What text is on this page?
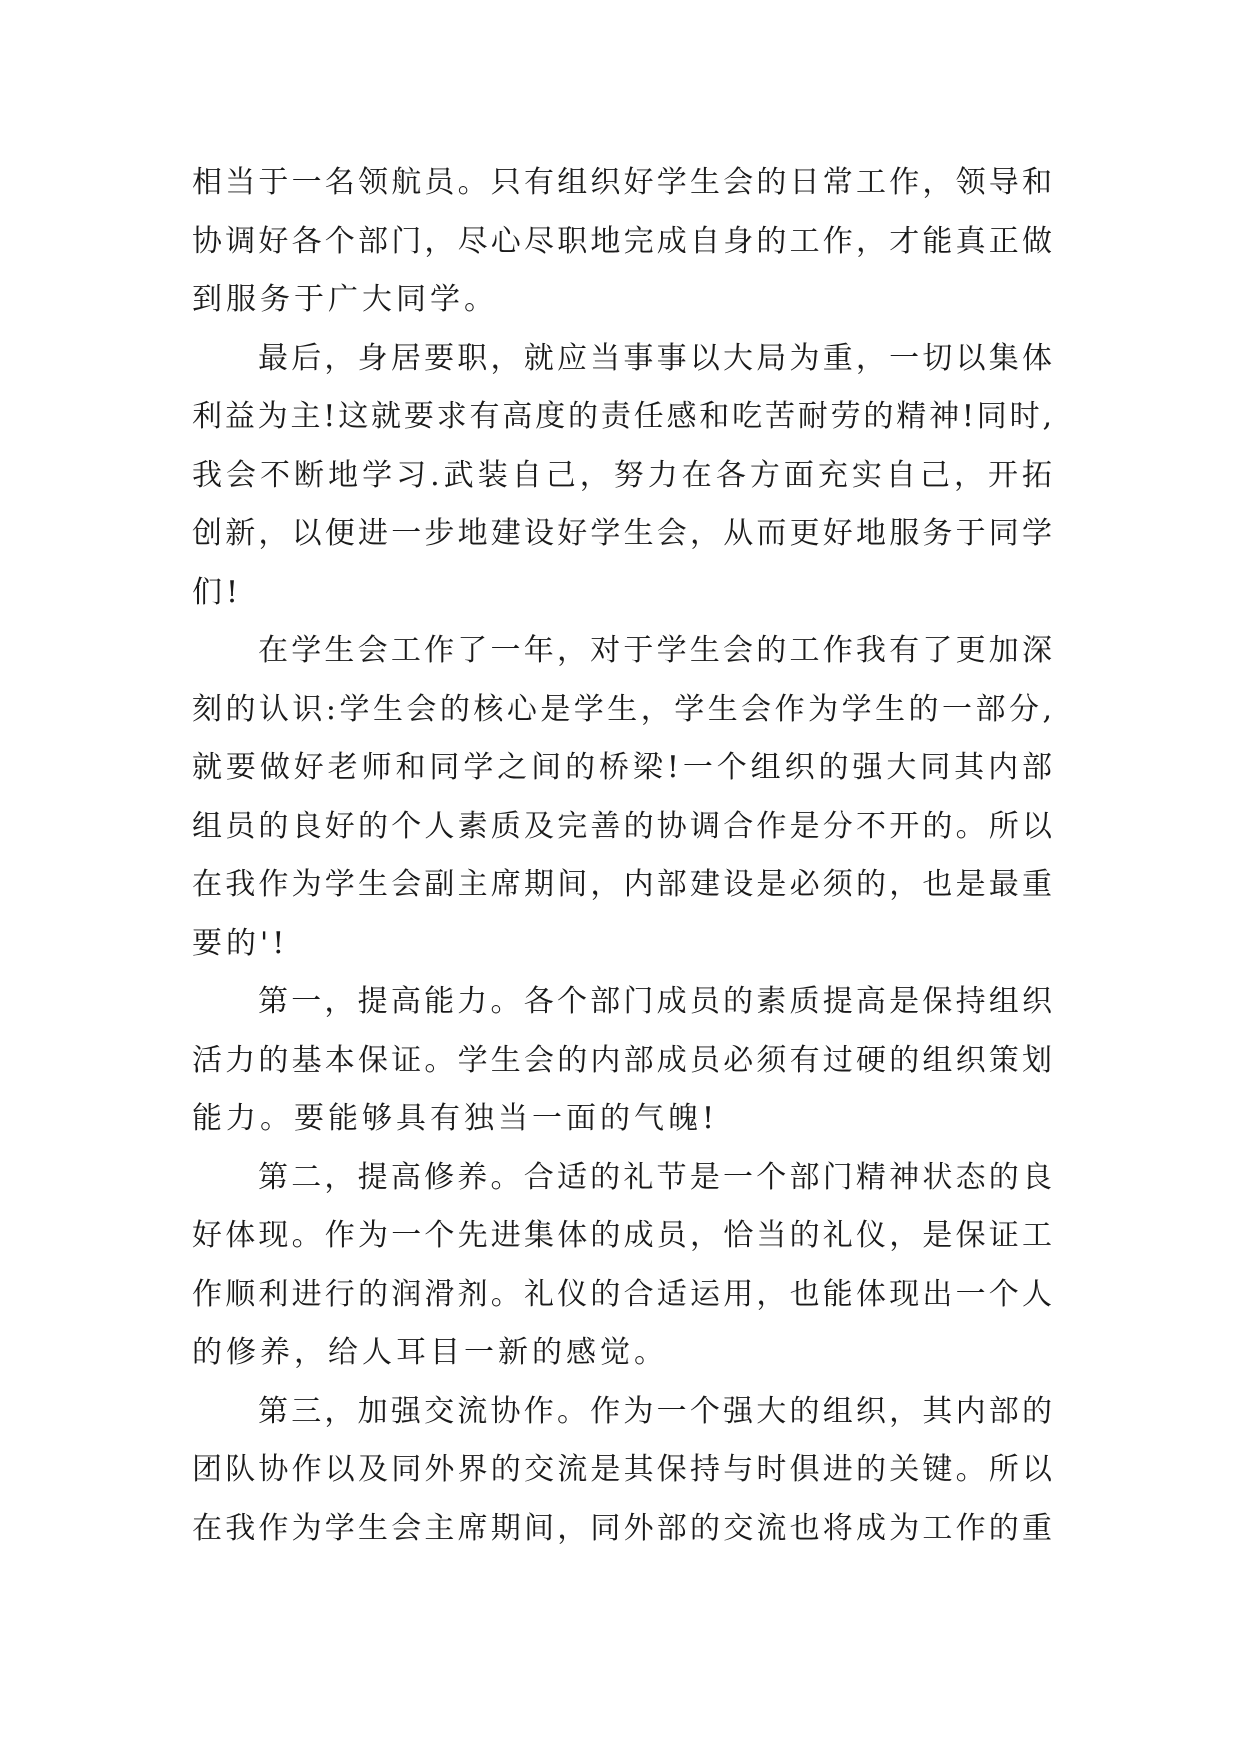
相当于一名领航员。只有组织好学生会的日常工作，领导和
协调好各个部门，尽心尽职地完成自身的工作，才能真正做
到服务于广大同学。
最后，身居要职，就应当事事以大局为重，一切以集体
利益为主!这就要求有高度的责任感和吃苦耐劳的精神!同时,
我会不断地学习.武装自己，努力在各方面充实自己，开拓
创新，以便进一步地建设好学生会，从而更好地服务于同学
们!
在学生会工作了一年，对于学生会的工作我有了更加深
刻的认识:学生会的核心是学生，学生会作为学生的一部分,
就要做好老师和同学之间的桥梁!一个组织的强大同其内部
组员的良好的个人素质及完善的协调合作是分不开的。所以
在我作为学生会副主席期间，内部建设是必须的，也是最重
要的'!
第一，提高能力。各个部门成员的素质提高是保持组织
活力的基本保证。学生会的内部成员必须有过硬的组织策划
能力。要能够具有独当一面的气魄!
第二，提高修养。合适的礼节是一个部门精神状态的良
好体现。作为一个先进集体的成员，恰当的礼仪，是保证工
作顺利进行的润滑剂。礼仪的合适运用，也能体现出一个人
的修养，给人耳目一新的感觉。
第三，加强交流协作。作为一个强大的组织，其内部的
团队协作以及同外界的交流是其保持与时俱进的关键。所以
在我作为学生会主席期间，同外部的交流也将成为工作的重
